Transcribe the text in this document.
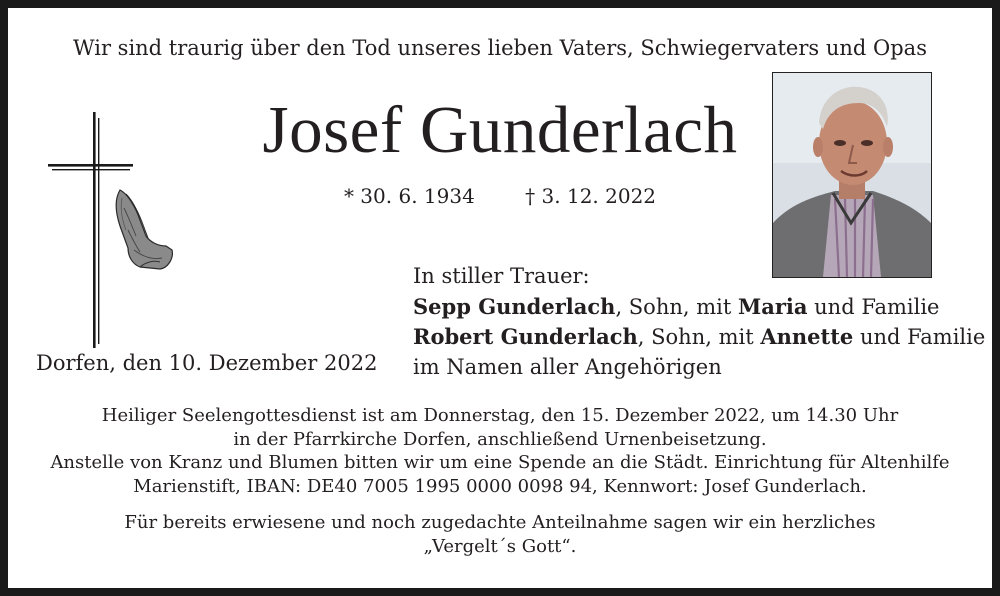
Wir sind traurig über den Tod unseres lieben Vaters, Schwiegervaters und Opas
Josef Gunderlach
* 30. 6. 1934	† 3. 12. 2022
Dorfen, den 10. Dezember 2022
In stiller Trauer:
Sepp Gunderlach, Sohn, mit Maria und Familie
Robert Gunderlach, Sohn, mit Annette und Familie
im Namen aller Angehörigen
Heiliger Seelengottesdienst ist am Donnerstag, den 15. Dezember 2022, um 14.30 Uhr
in der Pfarrkirche Dorfen, anschließend Urnenbeisetzung.
Anstelle von Kranz und Blumen bitten wir um eine Spende an die Städt. Einrichtung für Altenhilfe
Marienstift, IBAN: DE40 7005 1995 0000 0098 94, Kennwort: Josef Gunderlach.
Für bereits erwiesene und noch zugedachte Anteilnahme sagen wir ein herzliches
„Vergelt´s Gott“.
